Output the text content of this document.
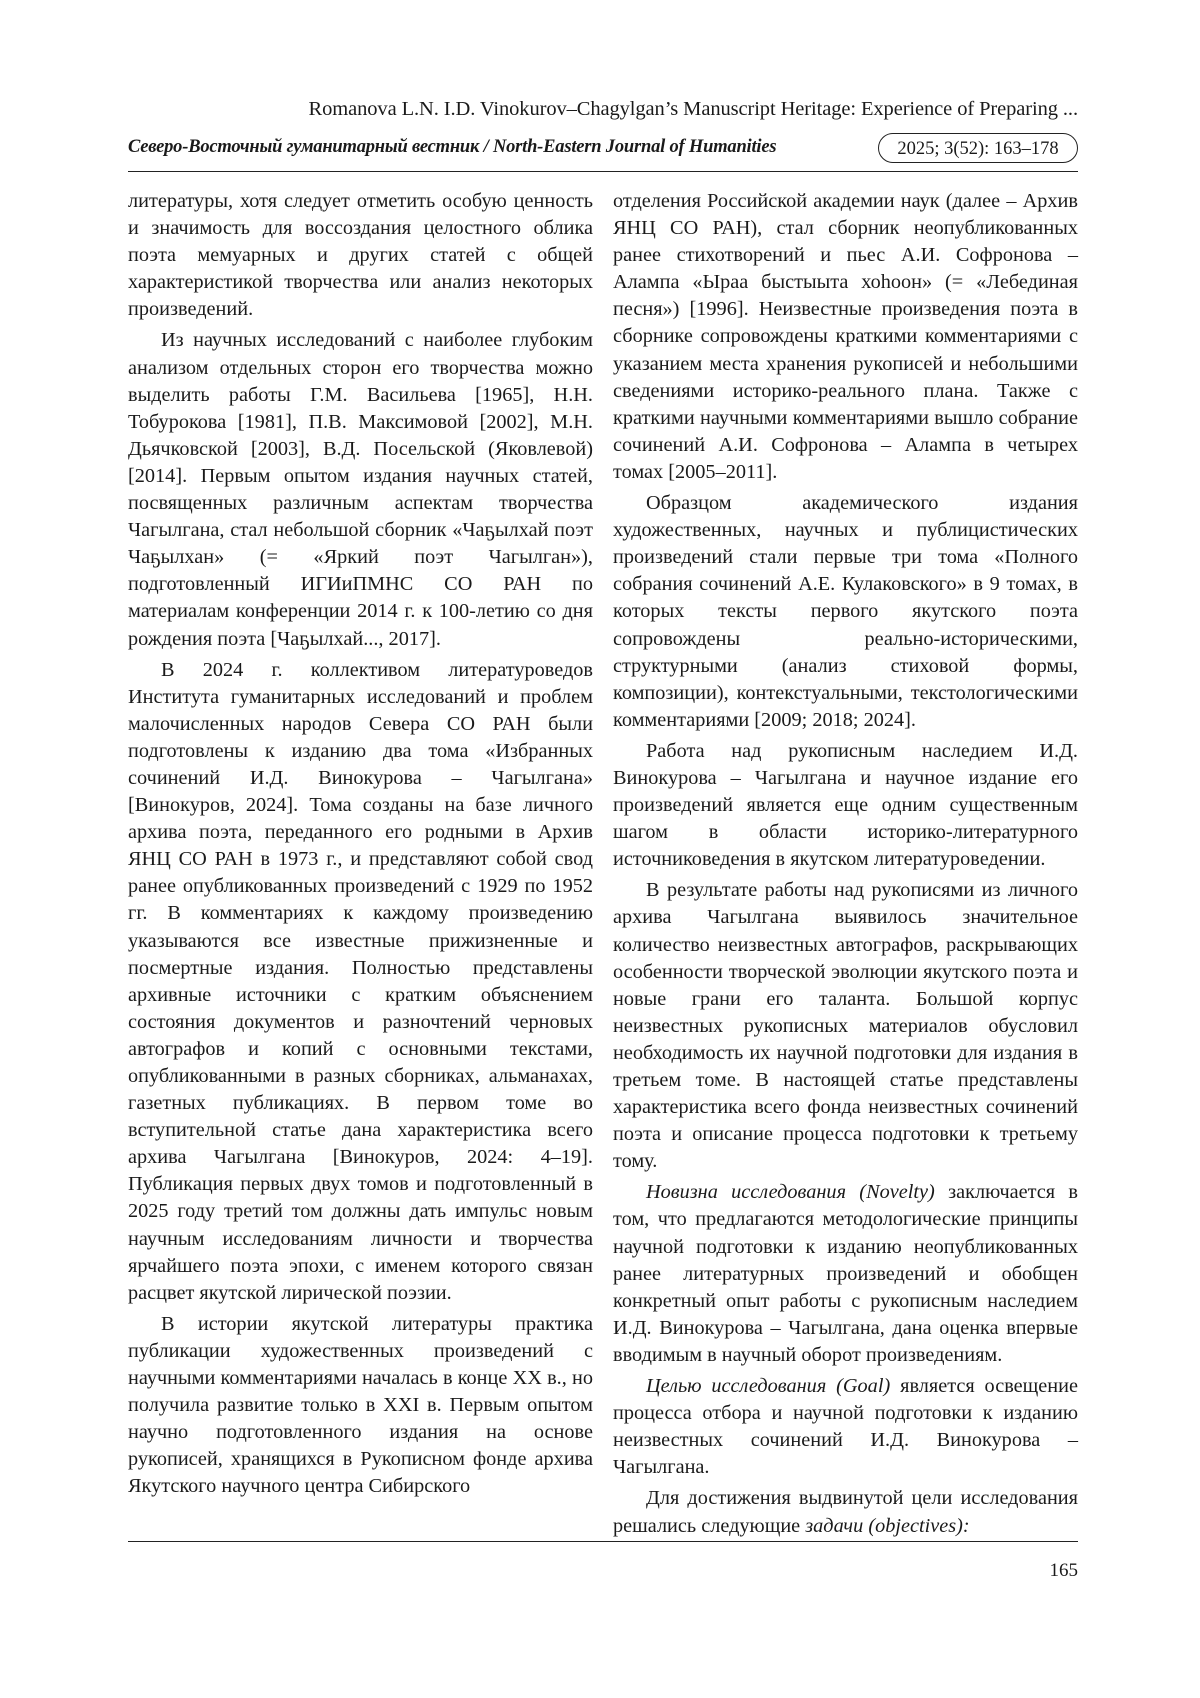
Romanova L.N. I.D. Vinokurov–Chagylgan’s Manuscript Heritage: Experience of Preparing ...
Северо-Восточный гуманитарный вестник / North-Eastern Journal of Humanities	2025; 3(52): 163–178

литературы, хотя следует отметить особую ценность и значимость для воссоздания целостного облика поэта мемуарных и других статей с общей характеристикой творчества или анализ некоторых произведений.

Из научных исследований с наиболее глубоким анализом отдельных сторон его творчества можно выделить работы Г.М. Васильева [1965], Н.Н. Тобурокова [1981], П.В. Максимовой [2002], М.Н. Дьячковской [2003], В.Д. Посельской (Яковлевой) [2014]. Первым опытом издания научных статей, посвященных различным аспектам творчества Чагылгана, стал небольшой сборник «Чаҕылхай поэт Чаҕылхан» (= «Яркий поэт Чагылган»), подготовленный ИГИиПМНС СО РАН по материалам конференции 2014 г. к 100-летию со дня рождения поэта [Чаҕылхай..., 2017].

В 2024 г. коллективом литературоведов Института гуманитарных исследований и проблем малочисленных народов Севера СО РАН были подготовлены к изданию два тома «Избранных сочинений И.Д. Винокурова – Чагылгана» [Винокуров, 2024]. Тома созданы на базе личного архива поэта, переданного его родными в Архив ЯНЦ СО РАН в 1973 г., и представляют собой свод ранее опубликованных произведений с 1929 по 1952 гг. В комментариях к каждому произведению указываются все известные прижизненные и посмертные издания. Полностью представлены архивные источники с кратким объяснением состояния документов и разночтений черновых автографов и копий с основными текстами, опубликованными в разных сборниках, альманахах, газетных публикациях. В первом томе во вступительной статье дана характеристика всего архива Чагылгана [Винокуров, 2024: 4–19]. Публикация первых двух томов и подготовленный в 2025 году третий том должны дать импульс новым научным исследованиям личности и творчества ярчайшего поэта эпохи, с именем которого связан расцвет якутской лирической поэзии.

В истории якутской литературы практика публикации художественных произведений с научными комментариями началась в конце XX в., но получила развитие только в XXI в. Первым опытом научно подготовленного издания на основе рукописей, хранящихся в Рукописном фонде архива Якутского научного центра Сибирского

отделения Российской академии наук (далее – Архив ЯНЦ СО РАН), стал сборник неопубликованных ранее стихотворений и пьес А.И. Софронова – Алампа «Ыраа быстыыта хоhоон» (= «Лебединая песня») [1996]. Неизвестные произведения поэта в сборнике сопровождены краткими комментариями с указанием места хранения рукописей и небольшими сведениями историко-реального плана. Также с краткими научными комментариями вышло собрание сочинений А.И. Софронова – Алампа в четырех томах [2005–2011].

Образцом академического издания художественных, научных и публицистических произведений стали первые три тома «Полного собрания сочинений А.Е. Кулаковского» в 9 томах, в которых тексты первого якутского поэта сопровождены реально-историческими, структурными (анализ стиховой формы, композиции), контекстуальными, текстологическими комментариями [2009; 2018; 2024].

Работа над рукописным наследием И.Д. Винокурова – Чагылгана и научное издание его произведений является еще одним существенным шагом в области историко-литературного источниковедения в якутском литературоведении.

В результате работы над рукописями из личного архива Чагылгана выявилось значительное количество неизвестных автографов, раскрывающих особенности творческой эволюции якутского поэта и новые грани его таланта. Большой корпус неизвестных рукописных материалов обусловил необходимость их научной подготовки для издания в третьем томе. В настоящей статье представлены характеристика всего фонда неизвестных сочинений поэта и описание процесса подготовки к третьему тому.

Новизна исследования (Novelty) заключается в том, что предлагаются методологические принципы научной подготовки к изданию неопубликованных ранее литературных произведений и обобщен конкретный опыт работы с рукописным наследием И.Д. Винокурова – Чагылгана, дана оценка впервые вводимым в научный оборот произведениям.

Целью исследования (Goal) является освещение процесса отбора и научной подготовки к изданию неизвестных сочинений И.Д. Винокурова – Чагылгана.

Для достижения выдвинутой цели исследования решались следующие задачи (objectives):

165
